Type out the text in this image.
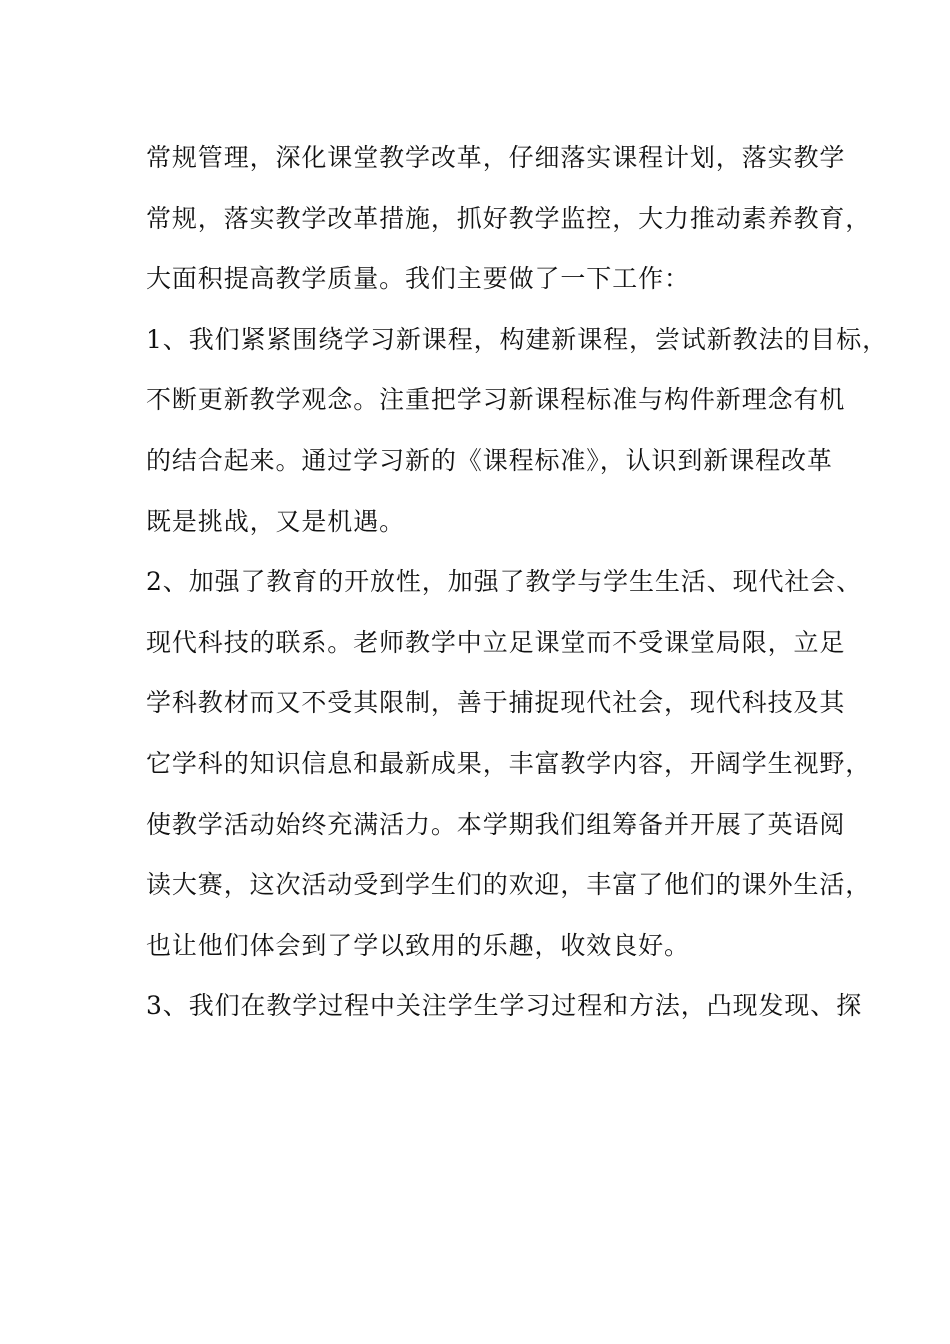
常规管理，深化课堂教学改革，仔细落实课程计划，落实教学
常规，落实教学改革措施，抓好教学监控，大力推动素养教育，
大面积提高教学质量。我们主要做了一下工作：
1、我们紧紧围绕学习新课程，构建新课程，尝试新教法的目标，
不断更新教学观念。注重把学习新课程标准与构件新理念有机
的结合起来。通过学习新的《课程标准》，认识到新课程改革
既是挑战，又是机遇。
2、加强了教育的开放性，加强了教学与学生生活、现代社会、
现代科技的联系。老师教学中立足课堂而不受课堂局限，立足
学科教材而又不受其限制，善于捕捉现代社会，现代科技及其
它学科的知识信息和最新成果，丰富教学内容，开阔学生视野，
使教学活动始终充满活力。本学期我们组筹备并开展了英语阅
读大赛，这次活动受到学生们的欢迎，丰富了他们的课外生活，
也让他们体会到了学以致用的乐趣，收效良好。
3、我们在教学过程中关注学生学习过程和方法，凸现发现、探
